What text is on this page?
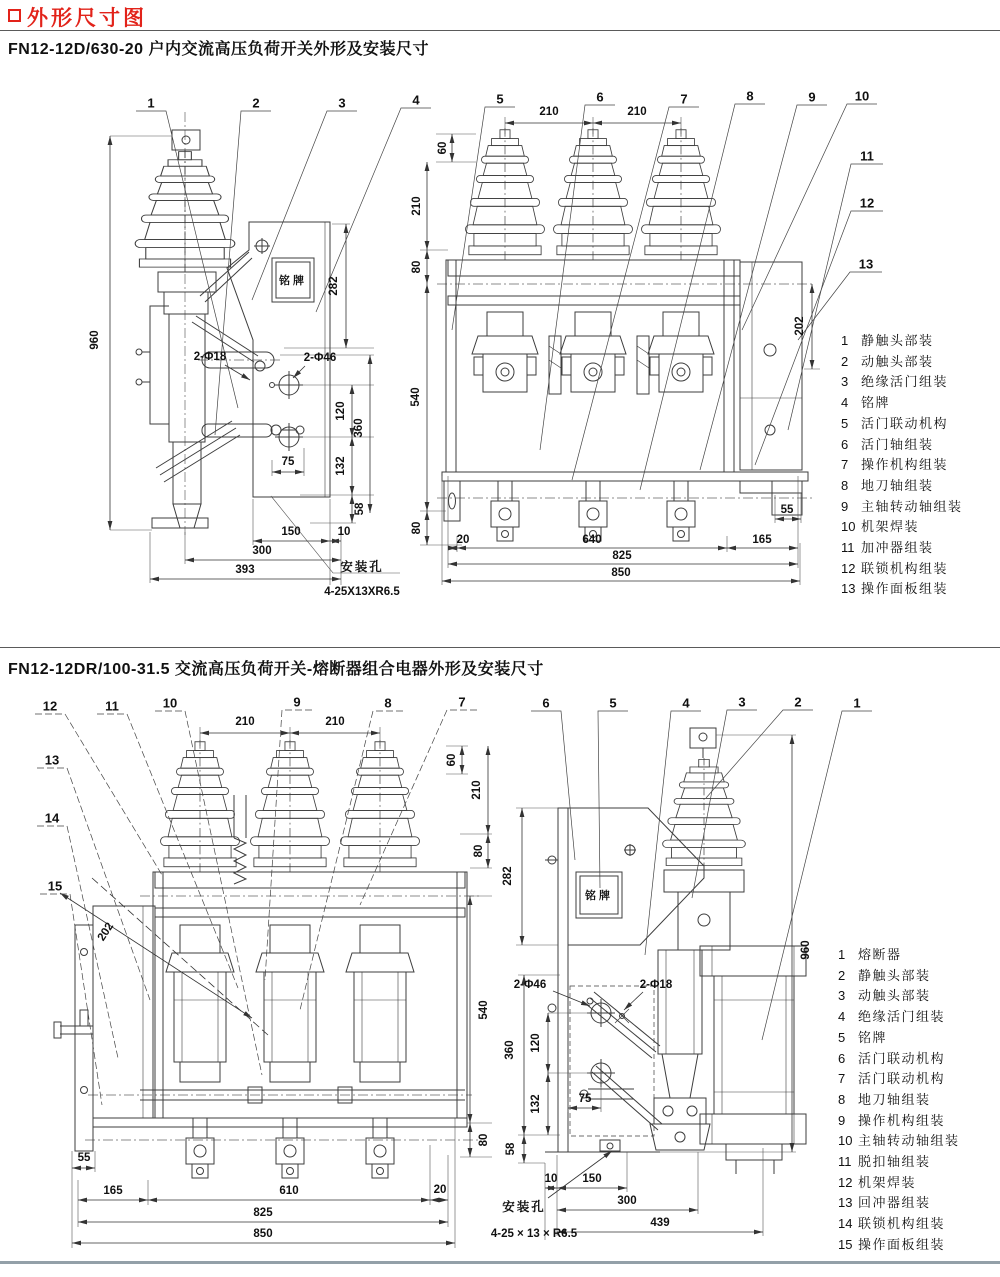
外形尺寸图
FN12-12D/630-20 户内交流高压负荷开关外形及安装尺寸
FN12-12DR/100-31.5 交流高压负荷开关-熔断器组合电器外形及安装尺寸
铭牌
铭牌
1	2	3	4	5	6	7	8	9	10
11
12
13
960
282
2-Φ18	2-Φ46
120
360
132
75
58
150	10
300
393	安装孔
4-25X13XR6.5
210	210
60
210
80
540
80
202
55
20	640	165
825
850
12	11	10	9	8	7
13
14
15
6	5	4	3	2	1
210	210
60
210
80
540
80
202
55
165	610	20
825
850
282
2-Φ46	2-Φ18
360 120
132	75
58
960
10 150
300
439
安装孔
4-25 × 13 × R6.5
1 静触头部装
2 动触头部装
3 绝缘活门组装
4 铭牌
5 活门联动机构
6 活门轴组装
7 操作机构组装
8 地刀轴组装
9 主轴转动轴组装
10 机架焊装
11 加冲器组装
12 联锁机构组装
13 操作面板组装
1 熔断器
2 静触头部装
3 动触头部装
4 绝缘活门组装
5 铭牌
6 活门联动机构
7 活门联动机构
8 地刀轴组装
9 操作机构组装
10 主轴转动轴组装
11 脱扣轴组装
12 机架焊装
13 回冲器组装
14 联锁机构组装
15 操作面板组装
